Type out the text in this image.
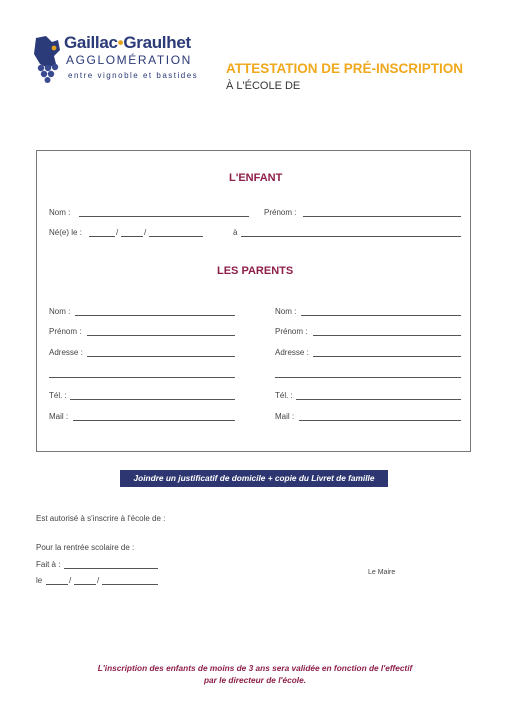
Gaillac•Graulhet
AGGLOMÉRATION
entre vignoble et bastides ATTESTATION DE PRÉ-INSCRIPTION
À L'ÉCOLE DE
L'ENFANT
Nom :	Prénom :
Né(e) le :	/	/	à
LES PARENTS
Nom :
Prénom :
Adresse :
Tél. :
Mail :
Nom :
Prénom :
Adresse :
Tél. :
Mail :
Joindre un justificatif de domicile + copie du Livret de famille
Est autorisé à s'inscrire à l'école de :
Pour la rentrée scolaire de :
Fait à :
le	/	/
Le Maire
L'inscription des enfants de moins de 3 ans sera validée en fonction de l'effectif
par le directeur de l'école.
